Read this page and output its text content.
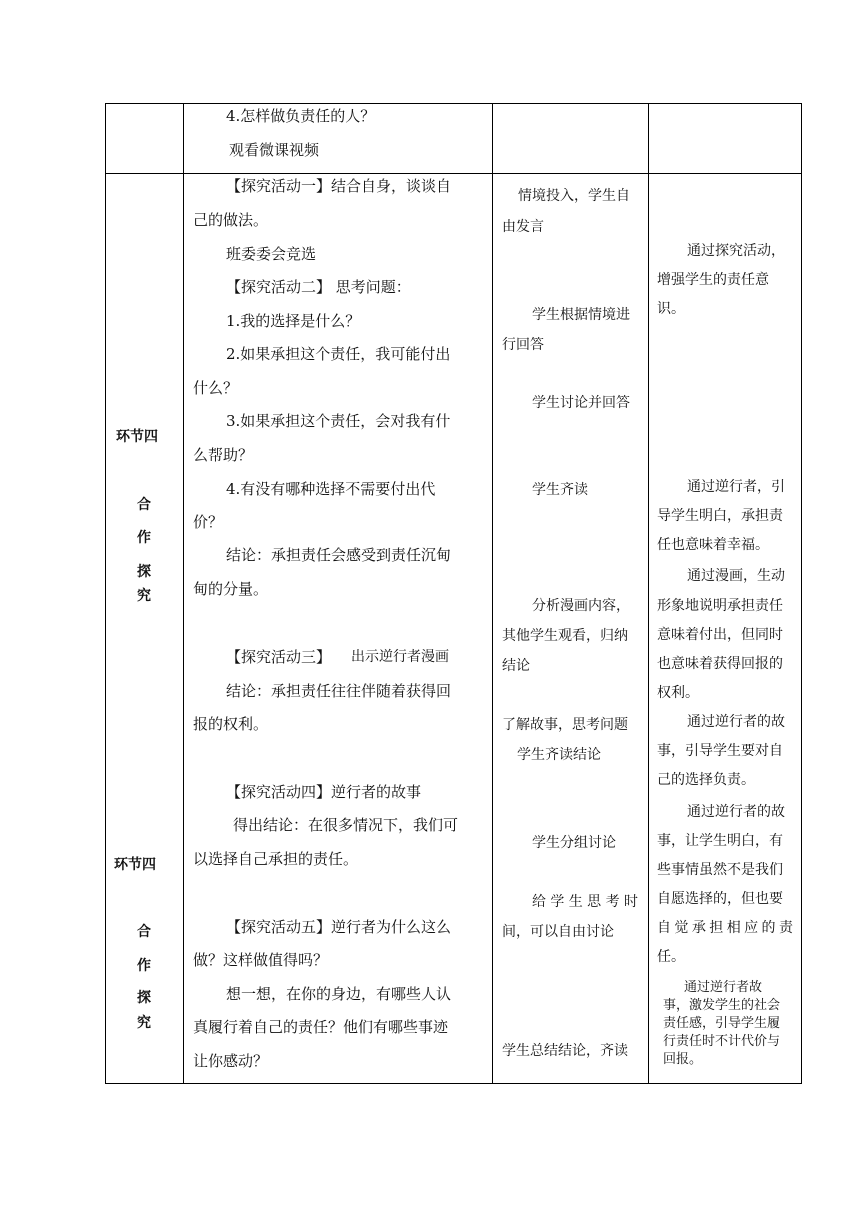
4.怎样做负责任的人？
观看微课视频
环节四
合
作
探
究
环节四
合
作
探
究
【探究活动一】结合自身，谈谈自
己的做法。
班委委会竞选
【探究活动二】 思考问题：
1.我的选择是什么？
2.如果承担这个责任，我可能付出
什么？
3.如果承担这个责任，会对我有什
么帮助？
4.有没有哪种选择不需要付出代
价？
结论：承担责任会感受到责任沉甸
甸的分量。
【探究活动三】 出示逆行者漫画
结论：承担责任往往伴随着获得回
报的权利。
【探究活动四】逆行者的故事
得出结论：在很多情况下，我们可
以选择自己承担的责任。
【探究活动五】逆行者为什么这么
做？这样做值得吗？
想一想，在你的身边，有哪些人认
真履行着自己的责任？他们有哪些事迹
让你感动？
情境投入，学生自
由发言
学生根据情境进
行回答
学生讨论并回答
学生齐读
分析漫画内容，
其他学生观看，归纳
结论
了解故事，思考问题
学生齐读结论
学生分组讨论
给 学 生 思 考 时
间，可以自由讨论
学生总结结论，齐读
通过探究活动，
增强学生的责任意
识。
通过逆行者，引
导学生明白，承担责
任也意味着幸福。
通过漫画，生动
形象地说明承担责任
意味着付出，但同时
也意味着获得回报的
权利。
通过逆行者的故
事，引导学生要对自
己的选择负责。
通过逆行者的故
事，让学生明白，有
些事情虽然不是我们
自愿选择的，但也要
自 觉 承 担 相 应 的 责
任。
通过逆行者故
事，激发学生的社会
责任感，引导学生履
行责任时不计代价与
回报。
